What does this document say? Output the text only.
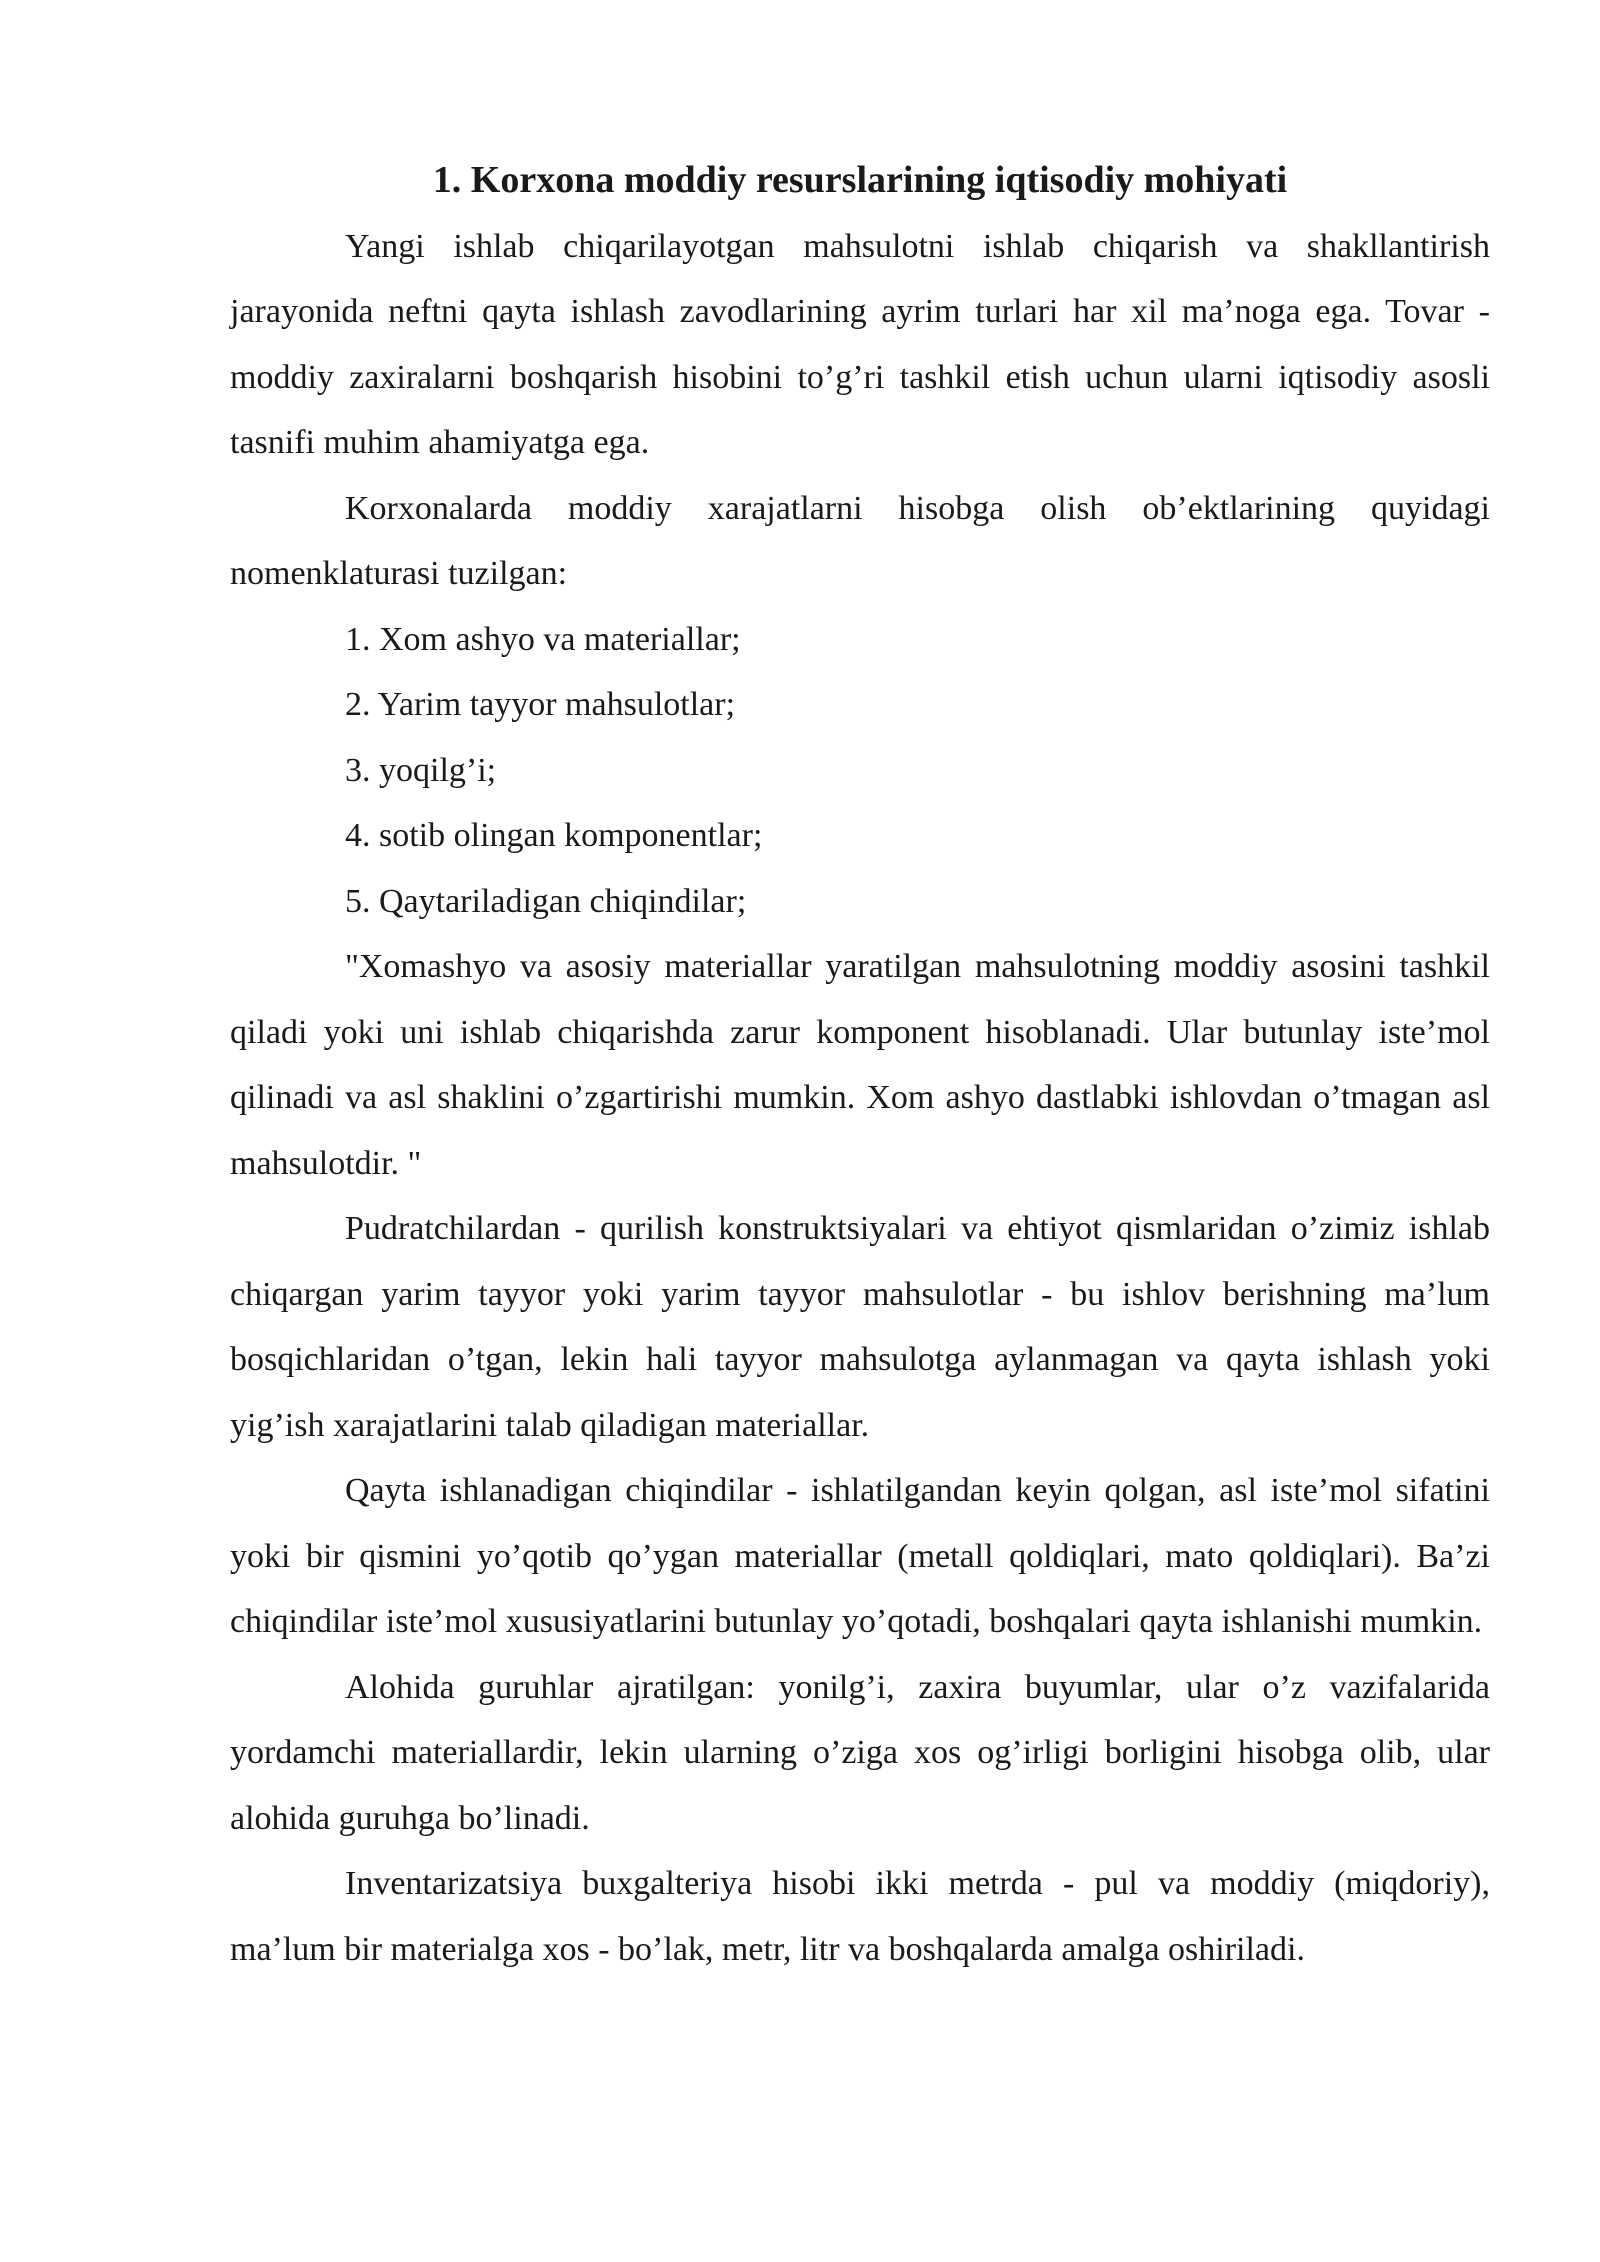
1. Korxona moddiy resurslarining iqtisodiy mohiyati

Yangi ishlab chiqarilayotgan mahsulotni ishlab chiqarish va shakllantirish jarayonida neftni qayta ishlash zavodlarining ayrim turlari har xil ma’noga ega. Tovar -moddiy zaxiralarni boshqarish hisobini to’g’ri tashkil etish uchun ularni iqtisodiy asosli tasnifi muhim ahamiyatga ega.

Korxonalarda moddiy xarajatlarni hisobga olish ob’ektlarining quyidagi nomenklaturasi tuzilgan:

1. Xom ashyo va materiallar;

2. Yarim tayyor mahsulotlar;

3. yoqilg’i;

4. sotib olingan komponentlar;

5. Qaytariladigan chiqindilar;

"Xomashyo va asosiy materiallar yaratilgan mahsulotning moddiy asosini tashkil qiladi yoki uni ishlab chiqarishda zarur komponent hisoblanadi. Ular butunlay iste’mol qilinadi va asl shaklini o’zgartirishi mumkin. Xom ashyo dastlabki ishlovdan o’tmagan asl mahsulotdir. "

Pudratchilardan - qurilish konstruktsiyalari va ehtiyot qismlaridan o’zimiz ishlab chiqargan yarim tayyor yoki yarim tayyor mahsulotlar - bu ishlov berishning ma’lum bosqichlaridan o’tgan, lekin hali tayyor mahsulotga aylanmagan va qayta ishlash yoki yig’ish xarajatlarini talab qiladigan materiallar.

Qayta ishlanadigan chiqindilar - ishlatilgandan keyin qolgan, asl iste’mol sifatini yoki bir qismini yo’qotib qo’ygan materiallar (metall qoldiqlari, mato qoldiqlari). Ba’zi chiqindilar iste’mol xususiyatlarini butunlay yo’qotadi, boshqalari qayta ishlanishi mumkin.

Alohida guruhlar ajratilgan: yonilg’i, zaxira buyumlar, ular o’z vazifalarida yordamchi materiallardir, lekin ularning o’ziga xos og’irligi borligini hisobga olib, ular alohida guruhga bo’linadi.

Inventarizatsiya buxgalteriya hisobi ikki metrda - pul va moddiy (miqdoriy), ma’lum bir materialga xos - bo’lak, metr, litr va boshqalarda amalga oshiriladi.
